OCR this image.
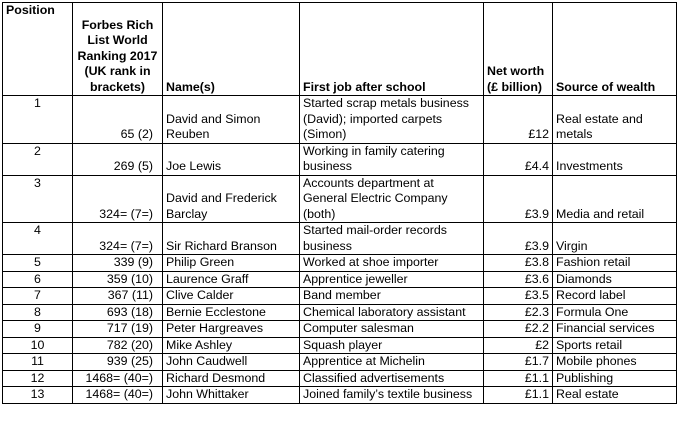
Position	Forbes Rich List World Ranking 2017 (UK rank in brackets)	Name(s)	First job after school	Net worth (£ billion)	Source of wealth
1	65 (2)	David and Simon Reuben	Started scrap metals business (David); imported carpets (Simon)	£12	Real estate and metals
2	269 (5)	Joe Lewis	Working in family catering business	£4.4	Investments
3	324= (7=)	David and Frederick Barclay	Accounts department at General Electric Company (both)	£3.9	Media and retail
4	324= (7=)	Sir Richard Branson	Started mail-order records business	£3.9	Virgin
5	339 (9)	Philip Green	Worked at shoe importer	£3.8	Fashion retail
6	359 (10)	Laurence Graff	Apprentice jeweller	£3.6	Diamonds
7	367 (11)	Clive Calder	Band member	£3.5	Record label
8	693 (18)	Bernie Ecclestone	Chemical laboratory assistant	£2.3	Formula One
9	717 (19)	Peter Hargreaves	Computer salesman	£2.2	Financial services
10	782 (20)	Mike Ashley	Squash player	£2	Sports retail
11	939 (25)	John Caudwell	Apprentice at Michelin	£1.7	Mobile phones
12	1468= (40=)	Richard Desmond	Classified advertisements	£1.1	Publishing
13	1468= (40=)	John Whittaker	Joined family’s textile business	£1.1	Real estate
